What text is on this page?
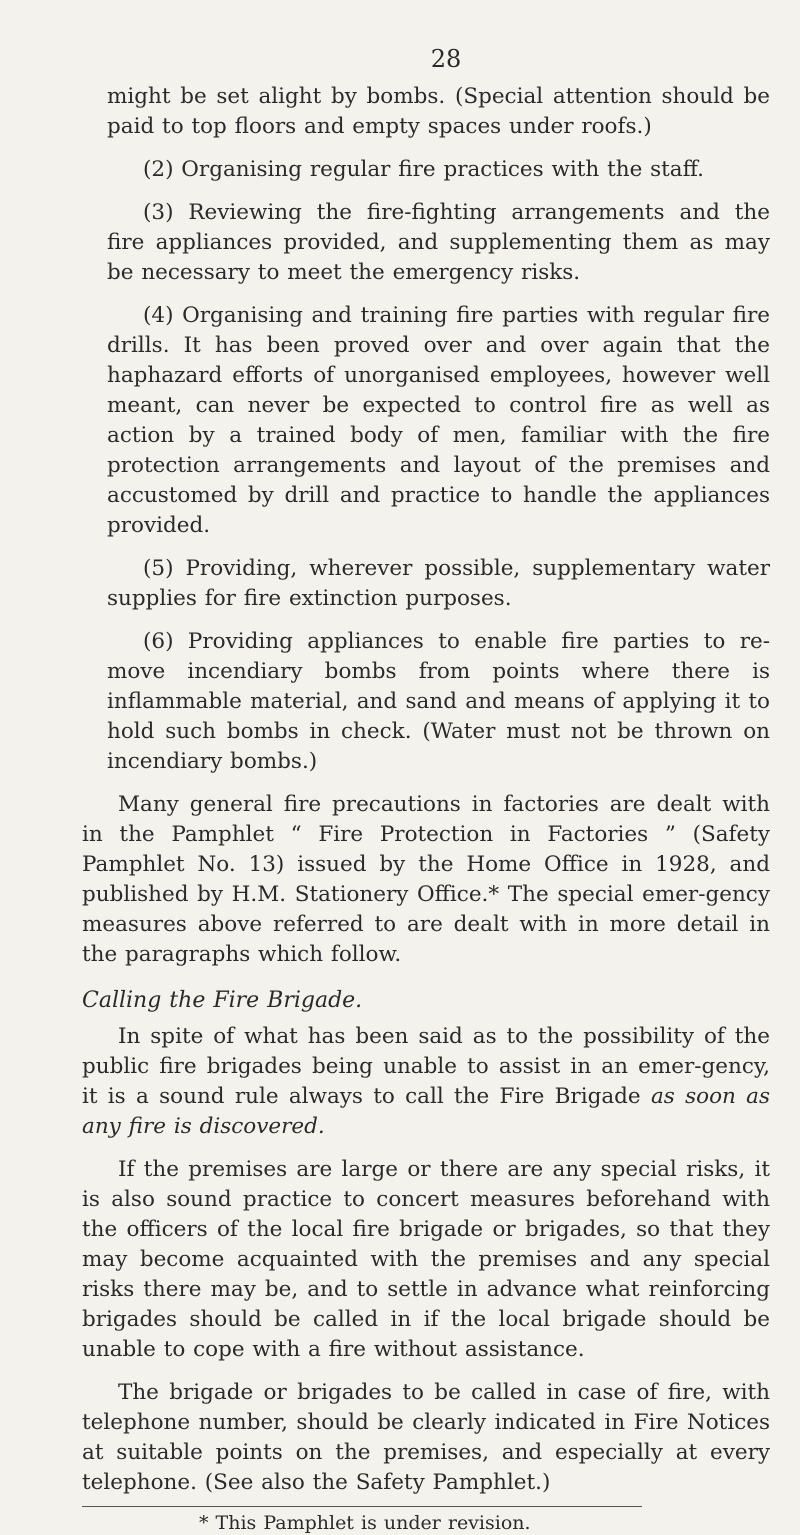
28

might be set alight by bombs. (Special attention should be paid to top floors and empty spaces under roofs.)

(2) Organising regular fire practices with the staff.

(3) Reviewing the fire-fighting arrangements and the fire appliances provided, and supplementing them as may be necessary to meet the emergency risks.

(4) Organising and training fire parties with regular fire drills. It has been proved over and over again that the haphazard efforts of unorganised employees, however well meant, can never be expected to control fire as well as action by a trained body of men, familiar with the fire protection arrangements and layout of the premises and accustomed by drill and practice to handle the appliances provided.

(5) Providing, wherever possible, supplementary water supplies for fire extinction purposes.

(6) Providing appliances to enable fire parties to re-move incendiary bombs from points where there is inflammable material, and sand and means of applying it to hold such bombs in check. (Water must not be thrown on incendiary bombs.)

Many general fire precautions in factories are dealt with in the Pamphlet “ Fire Protection in Factories ” (Safety Pamphlet No. 13) issued by the Home Office in 1928, and published by H.M. Stationery Office.* The special emer-gency measures above referred to are dealt with in more detail in the paragraphs which follow.

Calling the Fire Brigade.

In spite of what has been said as to the possibility of the public fire brigades being unable to assist in an emer-gency, it is a sound rule always to call the Fire Brigade as soon as any fire is discovered.

If the premises are large or there are any special risks, it is also sound practice to concert measures beforehand with the officers of the local fire brigade or brigades, so that they may become acquainted with the premises and any special risks there may be, and to settle in advance what reinforcing brigades should be called in if the local brigade should be unable to cope with a fire without assistance.

The brigade or brigades to be called in case of fire, with telephone number, should be clearly indicated in Fire Notices at suitable points on the premises, and especially at every telephone. (See also the Safety Pamphlet.)

* This Pamphlet is under revision.
